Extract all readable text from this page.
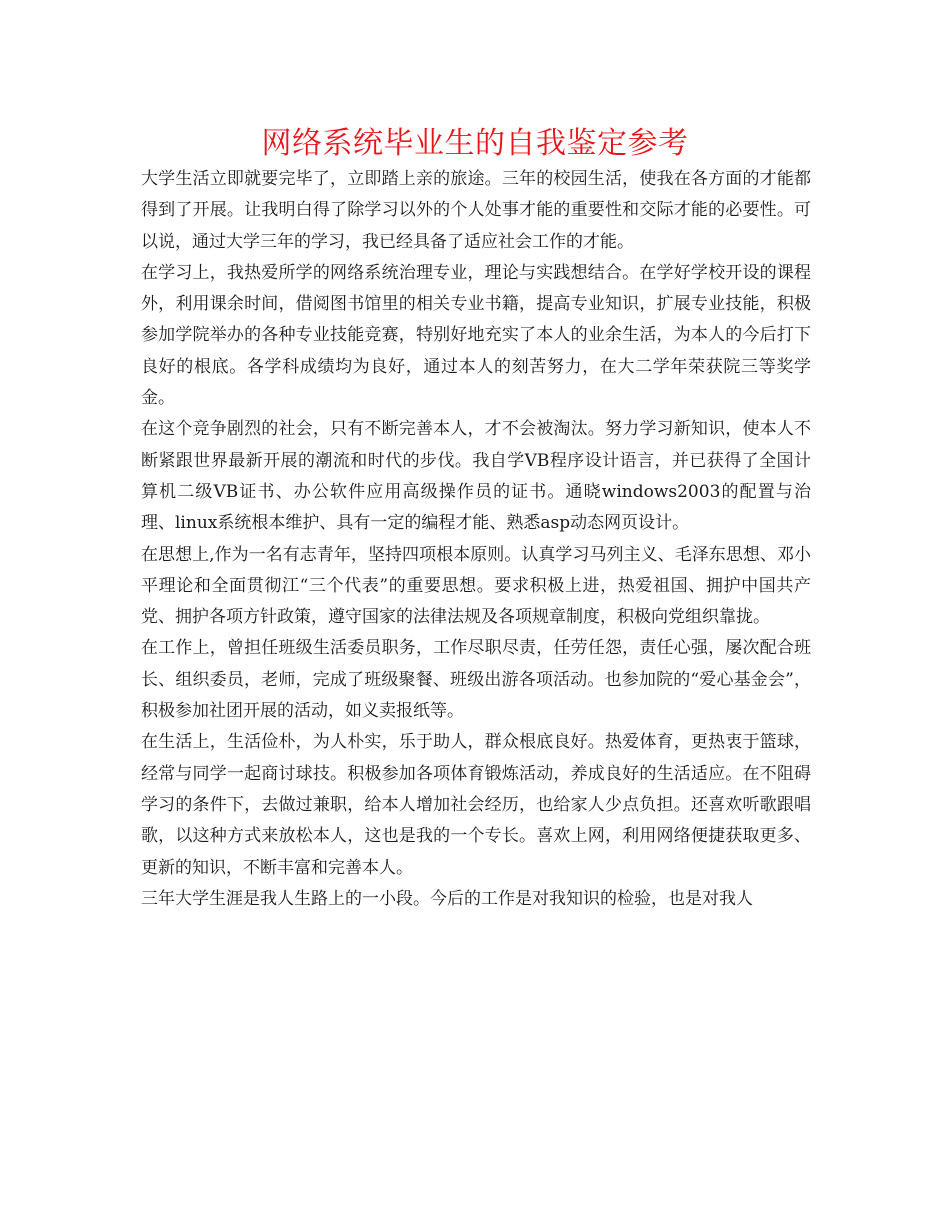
网络系统毕业生的自我鉴定参考

大学生活立即就要完毕了，立即踏上亲的旅途。三年的校园生活，使我在各方面的才能都得到了开展。让我明白得了除学习以外的个人处事才能的重要性和交际才能的必要性。可以说，通过大学三年的学习，我已经具备了适应社会工作的才能。

在学习上，我热爱所学的网络系统治理专业，理论与实践想结合。在学好学校开设的课程外，利用课余时间，借阅图书馆里的相关专业书籍，提高专业知识，扩展专业技能，积极参加学院举办的各种专业技能竞赛，特别好地充实了本人的业余生活，为本人的今后打下良好的根底。各学科成绩均为良好，通过本人的刻苦努力，在大二学年荣获院三等奖学金。

在这个竞争剧烈的社会，只有不断完善本人，才不会被淘汰。努力学习新知识，使本人不断紧跟世界最新开展的潮流和时代的步伐。我自学VB程序设计语言，并已获得了全国计算机二级VB证书、办公软件应用高级操作员的证书。通晓windows2003的配置与治理、linux系统根本维护、具有一定的编程才能、熟悉asp动态网页设计。

在思想上,作为一名有志青年，坚持四项根本原则。认真学习马列主义、毛泽东思想、邓小平理论和全面贯彻江“三个代表”的重要思想。要求积极上进，热爱祖国、拥护中国共产党、拥护各项方针政策，遵守国家的法律法规及各项规章制度，积极向党组织靠拢。

在工作上，曾担任班级生活委员职务，工作尽职尽责，任劳任怨，责任心强，屡次配合班长、组织委员，老师，完成了班级聚餐、班级出游各项活动。也参加院的“爱心基金会”，积极参加社团开展的活动，如义卖报纸等。

在生活上，生活俭朴，为人朴实，乐于助人，群众根底良好。热爱体育，更热衷于篮球，经常与同学一起商讨球技。积极参加各项体育锻炼活动，养成良好的生活适应。在不阻碍学习的条件下，去做过兼职，给本人增加社会经历，也给家人少点负担。还喜欢听歌跟唱歌，以这种方式来放松本人，这也是我的一个专长。喜欢上网，利用网络便捷获取更多、更新的知识，不断丰富和完善本人。

三年大学生涯是我人生路上的一小段。今后的工作是对我知识的检验，也是对我人
